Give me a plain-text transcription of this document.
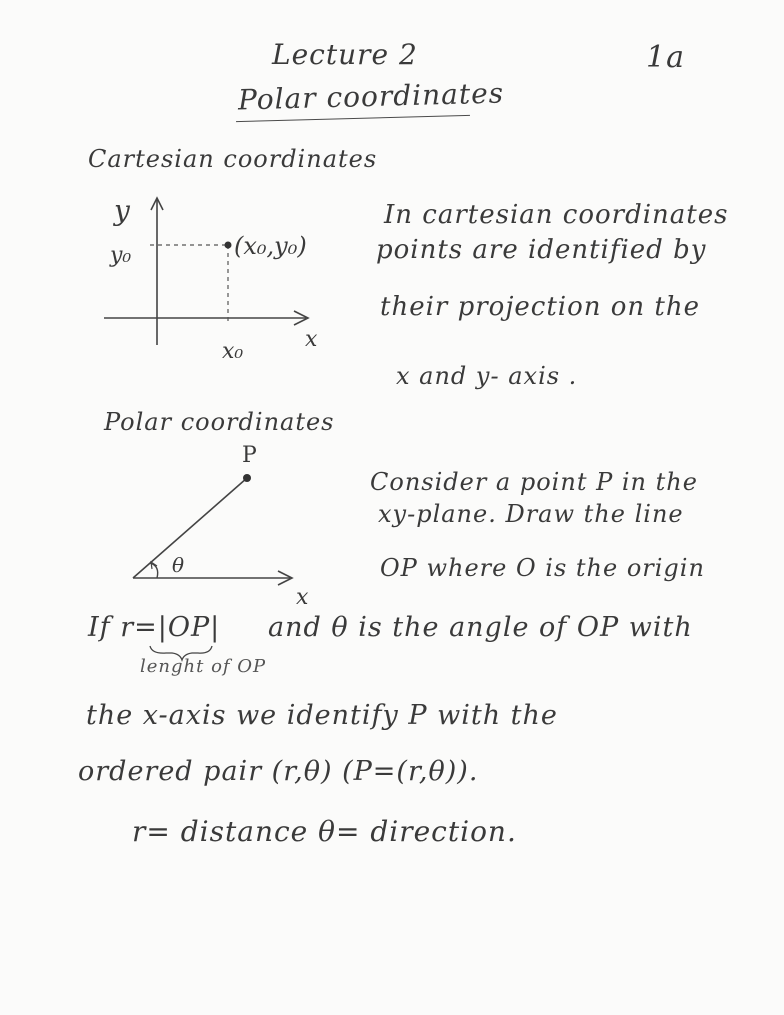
Lecture 2	1a
Polar coordinates
Cartesian coordinates
y
y₀	(x₀,y₀)
x₀	x
In cartesian coordinates
points are identified by
their projection on the
x and y- axis .
Polar coordinates
P
θ
x
Consider a point P in the
xy-plane. Draw the line
OP where O is the origin
If r=|OP| and θ is the angle of OP with
lenght of OP
the x-axis we identify P with the
ordered pair (r,θ) (P=(r,θ)).
r= distance θ= direction.
